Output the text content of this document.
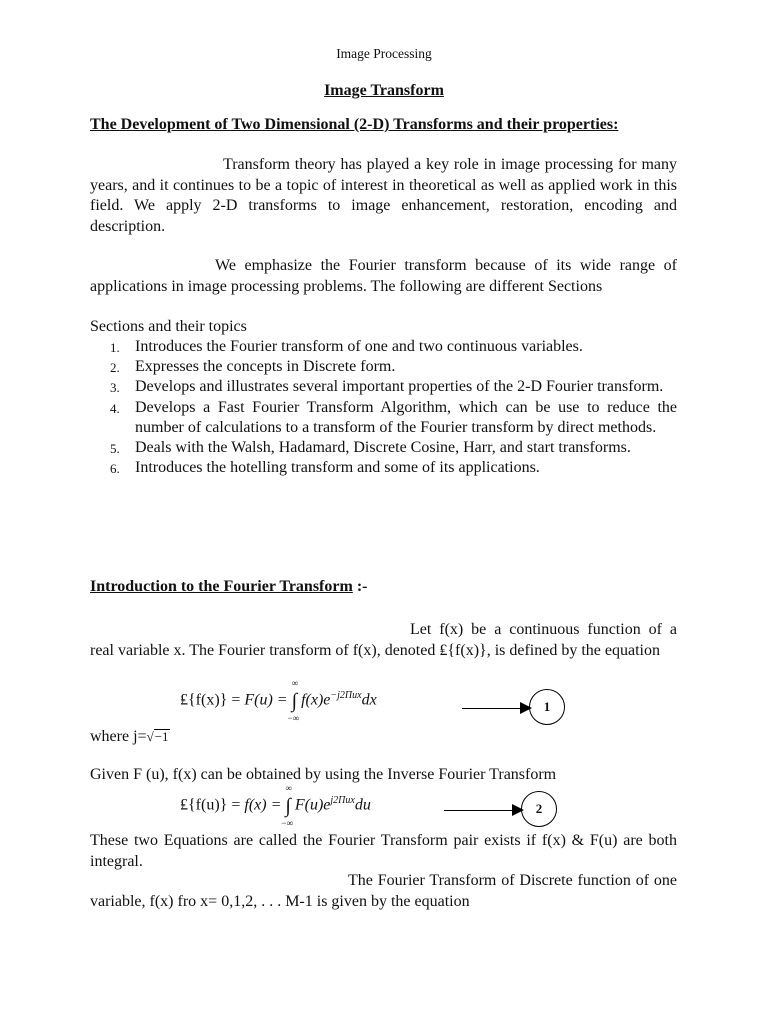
Image Processing
Image Transform
The Development of Two Dimensional (2-D) Transforms and their properties:

Transform theory has played a key role in image processing for many years, and it continues to be a topic of interest in theoretical as well as applied work in this field. We apply 2-D transforms to image enhancement, restoration, encoding and description.

We emphasize the Fourier transform because of its wide range of applications in image processing problems. The following are different Sections

Sections and their topics

1. Introduces the Fourier transform of one and two continuous variables.
2. Expresses the concepts in Discrete form.
3. Develops and illustrates several important properties of the 2-D Fourier transform.
4. Develops a Fast Fourier Transform Algorithm, which can be use to reduce the number of calculations to a transform of the Fourier transform by direct methods.
5. Deals with the Walsh, Hadamard, Discrete Cosine, Harr, and start transforms.
6. Introduces the hotelling transform and some of its applications.
Introduction to the Fourier Transform :-

Let f(x) be a continuous function of a real variable x. The Fourier transform of f(x), denoted ₤{f(x)}, is defined by the equation

₤{f(x)} = F(u) = ∫
∞
−∞
$f(x)e^{-j2\Pi ux}dx$	1
where j=√−1

Given F (u), f(x) can be obtained by using the Inverse Fourier Transform

₤{f(u)} = f(x) = ∫
∞
−∞
$F(u)e^{j2\Pi ux}du$	2

These two Equations are called the Fourier Transform pair exists if f(x) & F(u) are both integral.

The Fourier Transform of Discrete function of one variable, f(x) fro x= 0,1,2, . . . M-1 is given by the equation
